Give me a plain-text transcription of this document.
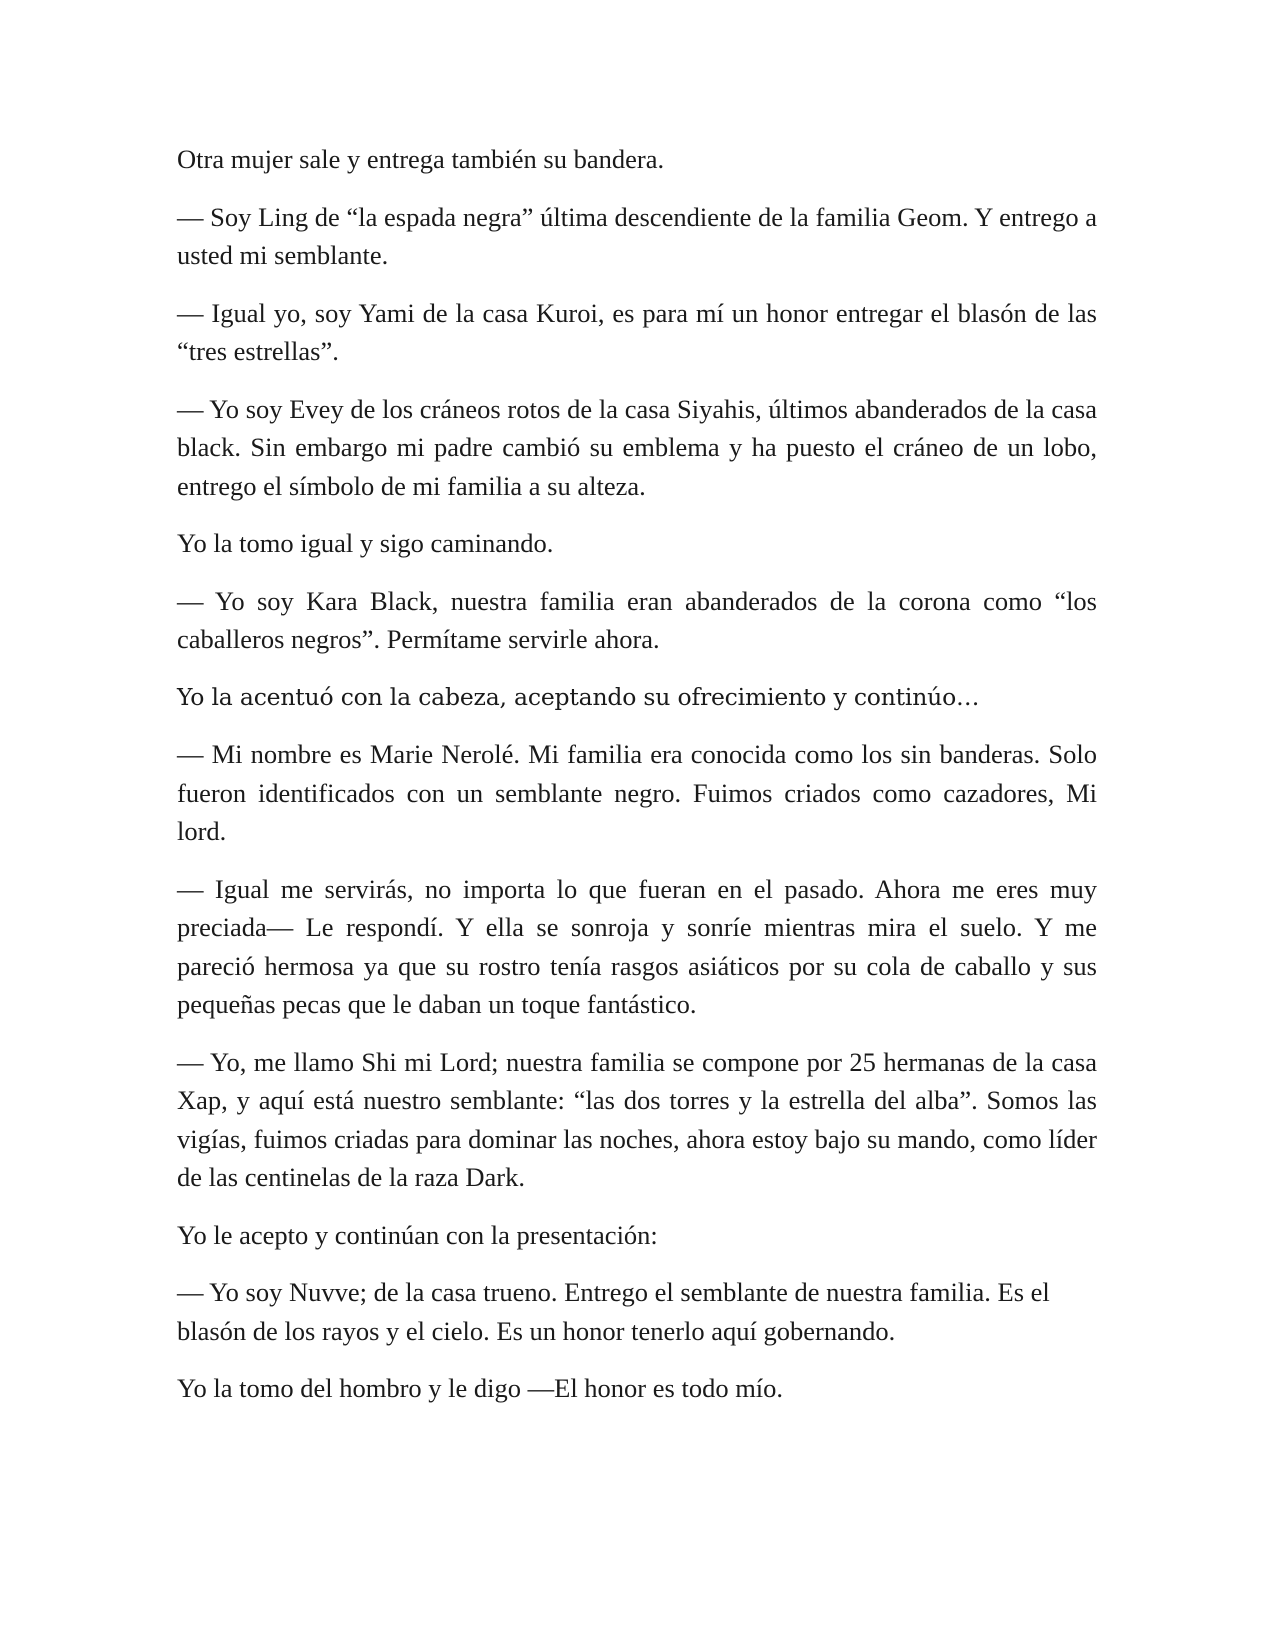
Otra mujer sale y entrega también su bandera.

— Soy Ling de “la espada negra” última descendiente de la familia Geom. Y entrego a usted mi semblante.

— Igual yo, soy Yami de la casa Kuroi, es para mí un honor entregar el blasón de las “tres estrellas”.

— Yo soy Evey de los cráneos rotos de la casa Siyahis, últimos abanderados de la casa black. Sin embargo mi padre cambió su emblema y ha puesto el cráneo de un lobo, entrego el símbolo de mi familia a su alteza.

Yo la tomo igual y sigo caminando.

— Yo soy Kara Black, nuestra familia eran abanderados de la corona como “los caballeros negros”. Permítame servirle ahora.

Yo la acentuó con la cabeza, aceptando su ofrecimiento y continúo…

— Mi nombre es Marie Nerolé. Mi familia era conocida como los sin banderas. Solo fueron identificados con un semblante negro. Fuimos criados como cazadores, Mi lord.

— Igual me servirás, no importa lo que fueran en el pasado. Ahora me eres muy preciada— Le respondí. Y ella se sonroja y sonríe mientras mira el suelo. Y me pareció hermosa ya que su rostro tenía rasgos asiáticos por su cola de caballo y sus pequeñas pecas que le daban un toque fantástico.

— Yo, me llamo Shi mi Lord; nuestra familia se compone por 25 hermanas de la casa Xap, y aquí está nuestro semblante: “las dos torres y la estrella del alba”. Somos las vigías, fuimos criadas para dominar las noches, ahora estoy bajo su mando, como líder de las centinelas de la raza Dark.

Yo le acepto y continúan con la presentación:

— Yo soy Nuvve; de la casa trueno. Entrego el semblante de nuestra familia. Es el blasón de los rayos y el cielo. Es un honor tenerlo aquí gobernando.

Yo la tomo del hombro y le digo —El honor es todo mío.
